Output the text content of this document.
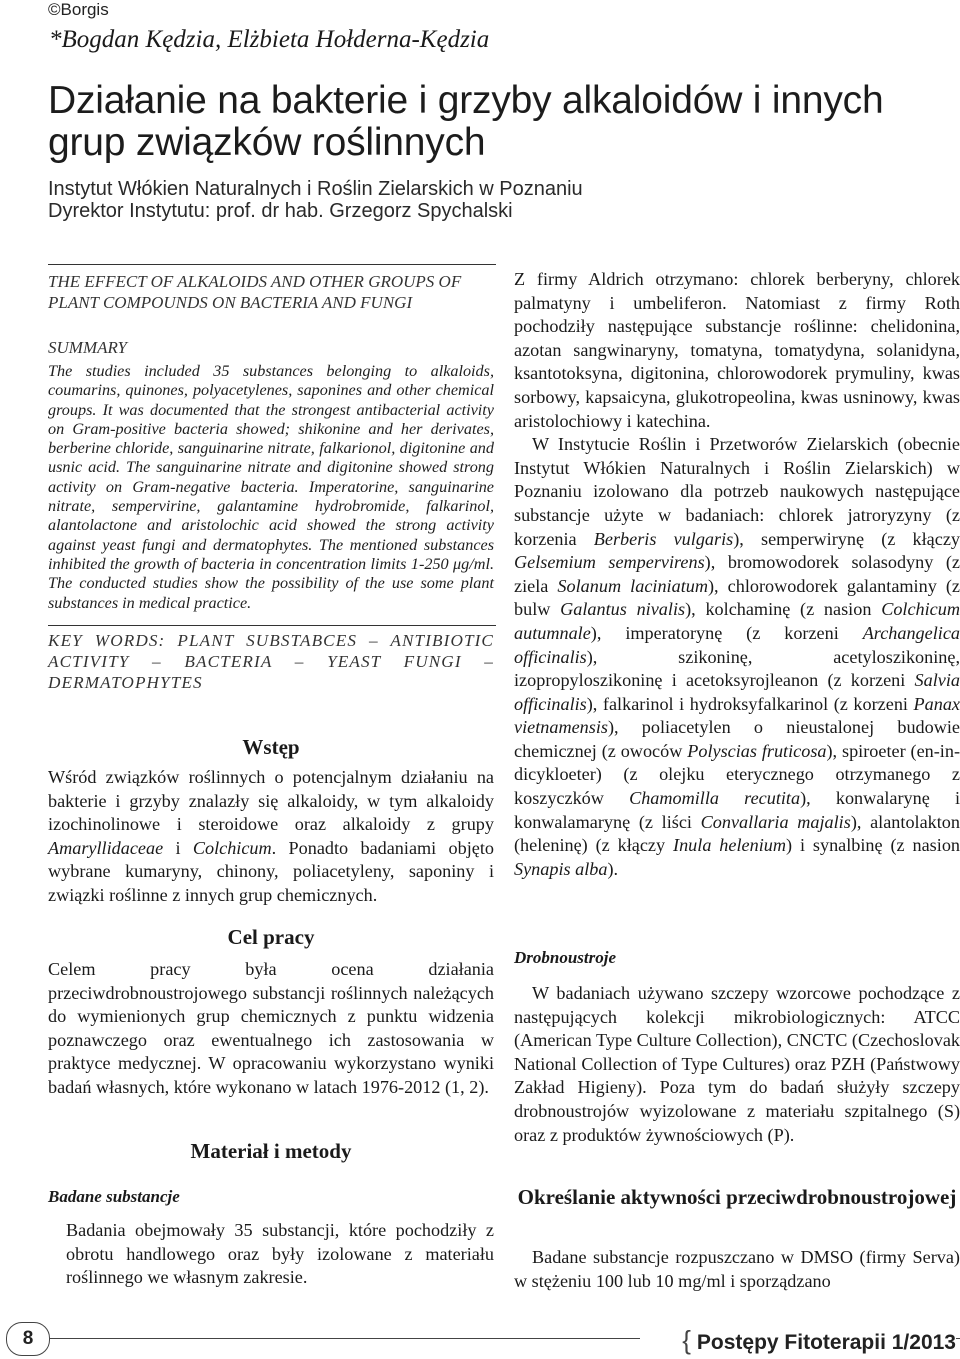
©Borgis
*Bogdan Kędzia, Elżbieta Hołderna-Kędzia
Działanie na bakterie i grzyby alkaloidów i innych grup związków roślinnych
Instytut Włókien Naturalnych i Roślin Zielarskich w Poznaniu
Dyrektor Instytutu: prof. dr hab. Grzegorz Spychalski
THE EFFECT OF ALKALOIDS AND OTHER GROUPS OF PLANT COMPOUNDS ON BACTERIA AND FUNGI
SUMMARY
The studies included 35 substances belonging to alkaloids, coumarins, quinones, polyacetylenes, saponines and other chemical groups. It was documented that the strongest antibacterial activity on Gram-positive bacteria showed; shikonine and her derivates, berberine chloride, sanguinarine nitrate, falkarionol, digitonine and usnic acid. The sanguinarine nitrate and digitonine showed strong activity on Gram-negative bacteria. Imperatorine, sanguinarine nitrate, sempervirine, galantamine hydrobromide, falkarinol, alantolactone and aristolochic acid showed the strong activity against yeast fungi and dermatophytes. The mentioned substances inhibited the growth of bacteria in concentration limits 1-250 μg/ml. The conducted studies show the possibility of the use some plant substances in medical practice.
KEY WORDS: PLANT SUBSTABCES – ANTIBIOTIC ACTIVITY – BACTERIA – YEAST FUNGI – DERMATOPHYTES
Wstęp
Wśród związków roślinnych o potencjalnym działaniu na bakterie i grzyby znalazły się alkaloidy, w tym alkaloidy izochinolinowe i steroidowe oraz alkaloidy z grupy Amaryllidaceae i Colchicum. Ponadto badaniami objęto wybrane kumaryny, chinony, poliacetyleny, saponiny i związki roślinne z innych grup chemicznych.
Cel pracy
Celem pracy była ocena działania przeciwdrobnoustrojowego substancji roślinnych należących do wymienionych grup chemicznych z punktu widzenia poznawczego oraz ewentualnego ich zastosowania w praktyce medycznej. W opracowaniu wykorzystano wyniki badań własnych, które wykonano w latach 1976-2012 (1, 2).
Materiał i metody
Badane substancje
Badania obejmowały 35 substancji, które pochodziły z obrotu handlowego oraz były izolowane z materiału roślinnego we własnym zakresie.
Z firmy Aldrich otrzymano: chlorek berberyny, chlorek palmatyny i umbeliferon. Natomiast z firmy Roth pochodziły następujące substancje roślinne: chelidonina, azotan sangwinaryny, tomatyna, tomatydyna, solanidyna, ksantotoksyna, digitonina, chlorowodorek prymuliny, kwas sorbowy, kapsaicyna, glukotropeolina, kwas usninowy, kwas aristolochiowy i katechina.
W Instytucie Roślin i Przetworów Zielarskich (obecnie Instytut Włókien Naturalnych i Roślin Zielarskich) w Poznaniu izolowano dla potrzeb naukowych następujące substancje użyte w badaniach: chlorek jatroryzyny (z korzenia Berberis vulgaris), semperwirynę (z kłączy Gelsemium sempervirens), bromowodorek solasodyny (z ziela Solanum laciniatum), chlorowodorek galantaminy (z bulw Galantus nivalis), kolchaminę (z nasion Colchicum autumnale), imperatorynę (z korzeni Archangelica officinalis), szikoninę, acetyloszikoninę, izopropyloszikoninę i acetoksyrojleanon (z korzeni Salvia officinalis), falkarinol i hydroksyfalkarinol (z korzeni Panax vietnamensis), poliacetylen o nieustalonej budowie chemicznej (z owoców Polyscias fruticosa), spiroeter (en-in-dicykloeter) (z olejku eterycznego otrzymanego z koszyczków Chamomilla recutita), konwalarynę i konwalamarynę (z liści Convallaria majalis), alantolakton (heleninę) (z kłączy Inula helenium) i synalbinę (z nasion Synapis alba).
Drobnoustroje
W badaniach używano szczepy wzorcowe pochodzące z następujących kolekcji mikrobiologicznych: ATCC (American Type Culture Collection), CNCTC (Czechoslovak National Collection of Type Cultures) oraz PZH (Państwowy Zakład Higieny). Poza tym do badań służyły szczepy drobnoustrojów wyizolowane z materiału szpitalnego (S) oraz z produktów żywnościowych (P).
Określanie aktywności przeciwdrobnoustrojowej
Badane substancje rozpuszczano w DMSO (firmy Serva) w stężeniu 100 lub 10 mg/ml i sporządzano
8	{ Postępy Fitoterapii 1/2013
